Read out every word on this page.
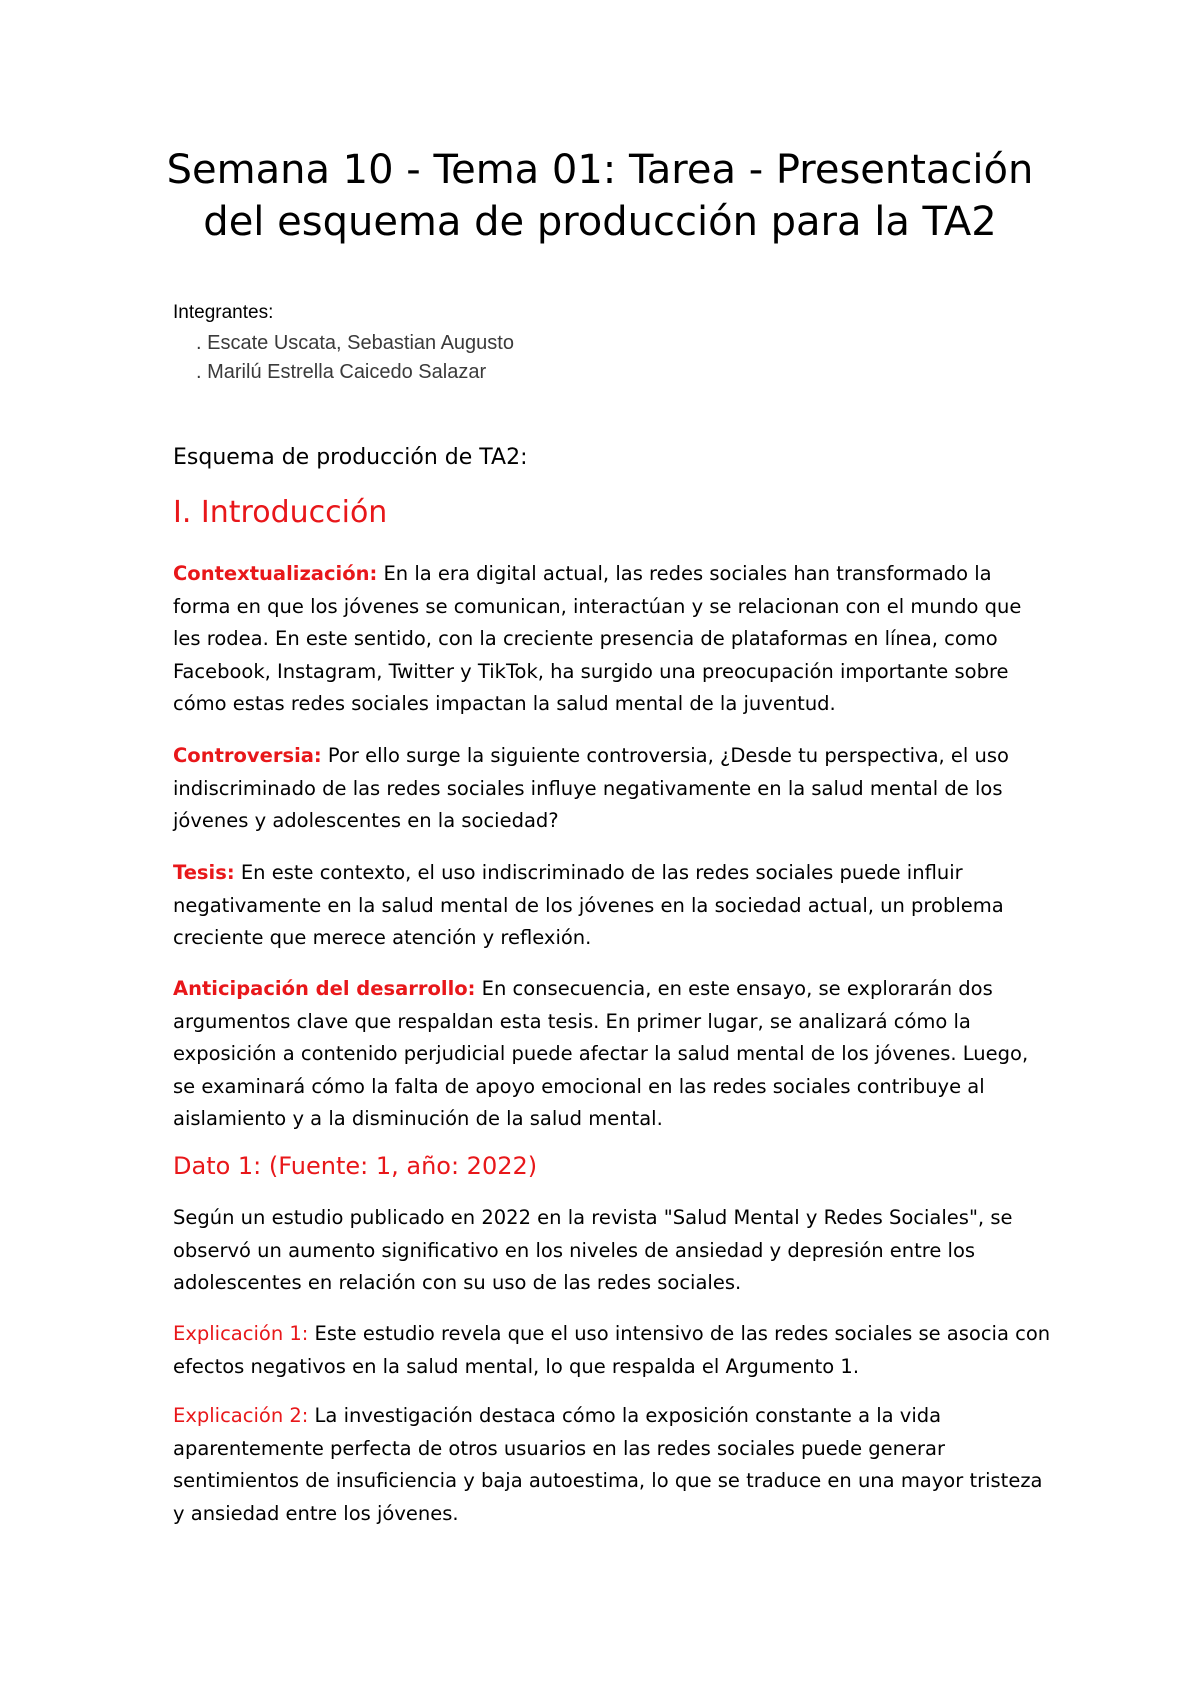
Semana 10 - Tema 01: Tarea - Presentación del esquema de producción para la TA2
Integrantes:
. Escate Uscata, Sebastian Augusto
. Marilú Estrella Caicedo Salazar
Esquema de producción de TA2:
I. Introducción

Contextualización: En la era digital actual, las redes sociales han transformado la forma en que los jóvenes se comunican, interactúan y se relacionan con el mundo que les rodea. En este sentido, con la creciente presencia de plataformas en línea, como Facebook, Instagram, Twitter y TikTok, ha surgido una preocupación importante sobre cómo estas redes sociales impactan la salud mental de la juventud.

Controversia: Por ello surge la siguiente controversia, ¿Desde tu perspectiva, el uso indiscriminado de las redes sociales influye negativamente en la salud mental de los jóvenes y adolescentes en la sociedad?

Tesis: En este contexto, el uso indiscriminado de las redes sociales puede influir negativamente en la salud mental de los jóvenes en la sociedad actual, un problema creciente que merece atención y reflexión.

Anticipación del desarrollo: En consecuencia, en este ensayo, se explorarán dos argumentos clave que respaldan esta tesis. En primer lugar, se analizará cómo la exposición a contenido perjudicial puede afectar la salud mental de los jóvenes. Luego, se examinará cómo la falta de apoyo emocional en las redes sociales contribuye al aislamiento y a la disminución de la salud mental.

Dato 1: (Fuente: 1, año: 2022)

Según un estudio publicado en 2022 en la revista "Salud Mental y Redes Sociales", se observó un aumento significativo en los niveles de ansiedad y depresión entre los adolescentes en relación con su uso de las redes sociales.

Explicación 1: Este estudio revela que el uso intensivo de las redes sociales se asocia con efectos negativos en la salud mental, lo que respalda el Argumento 1.

Explicación 2: La investigación destaca cómo la exposición constante a la vida aparentemente perfecta de otros usuarios en las redes sociales puede generar sentimientos de insuficiencia y baja autoestima, lo que se traduce en una mayor tristeza y ansiedad entre los jóvenes.
